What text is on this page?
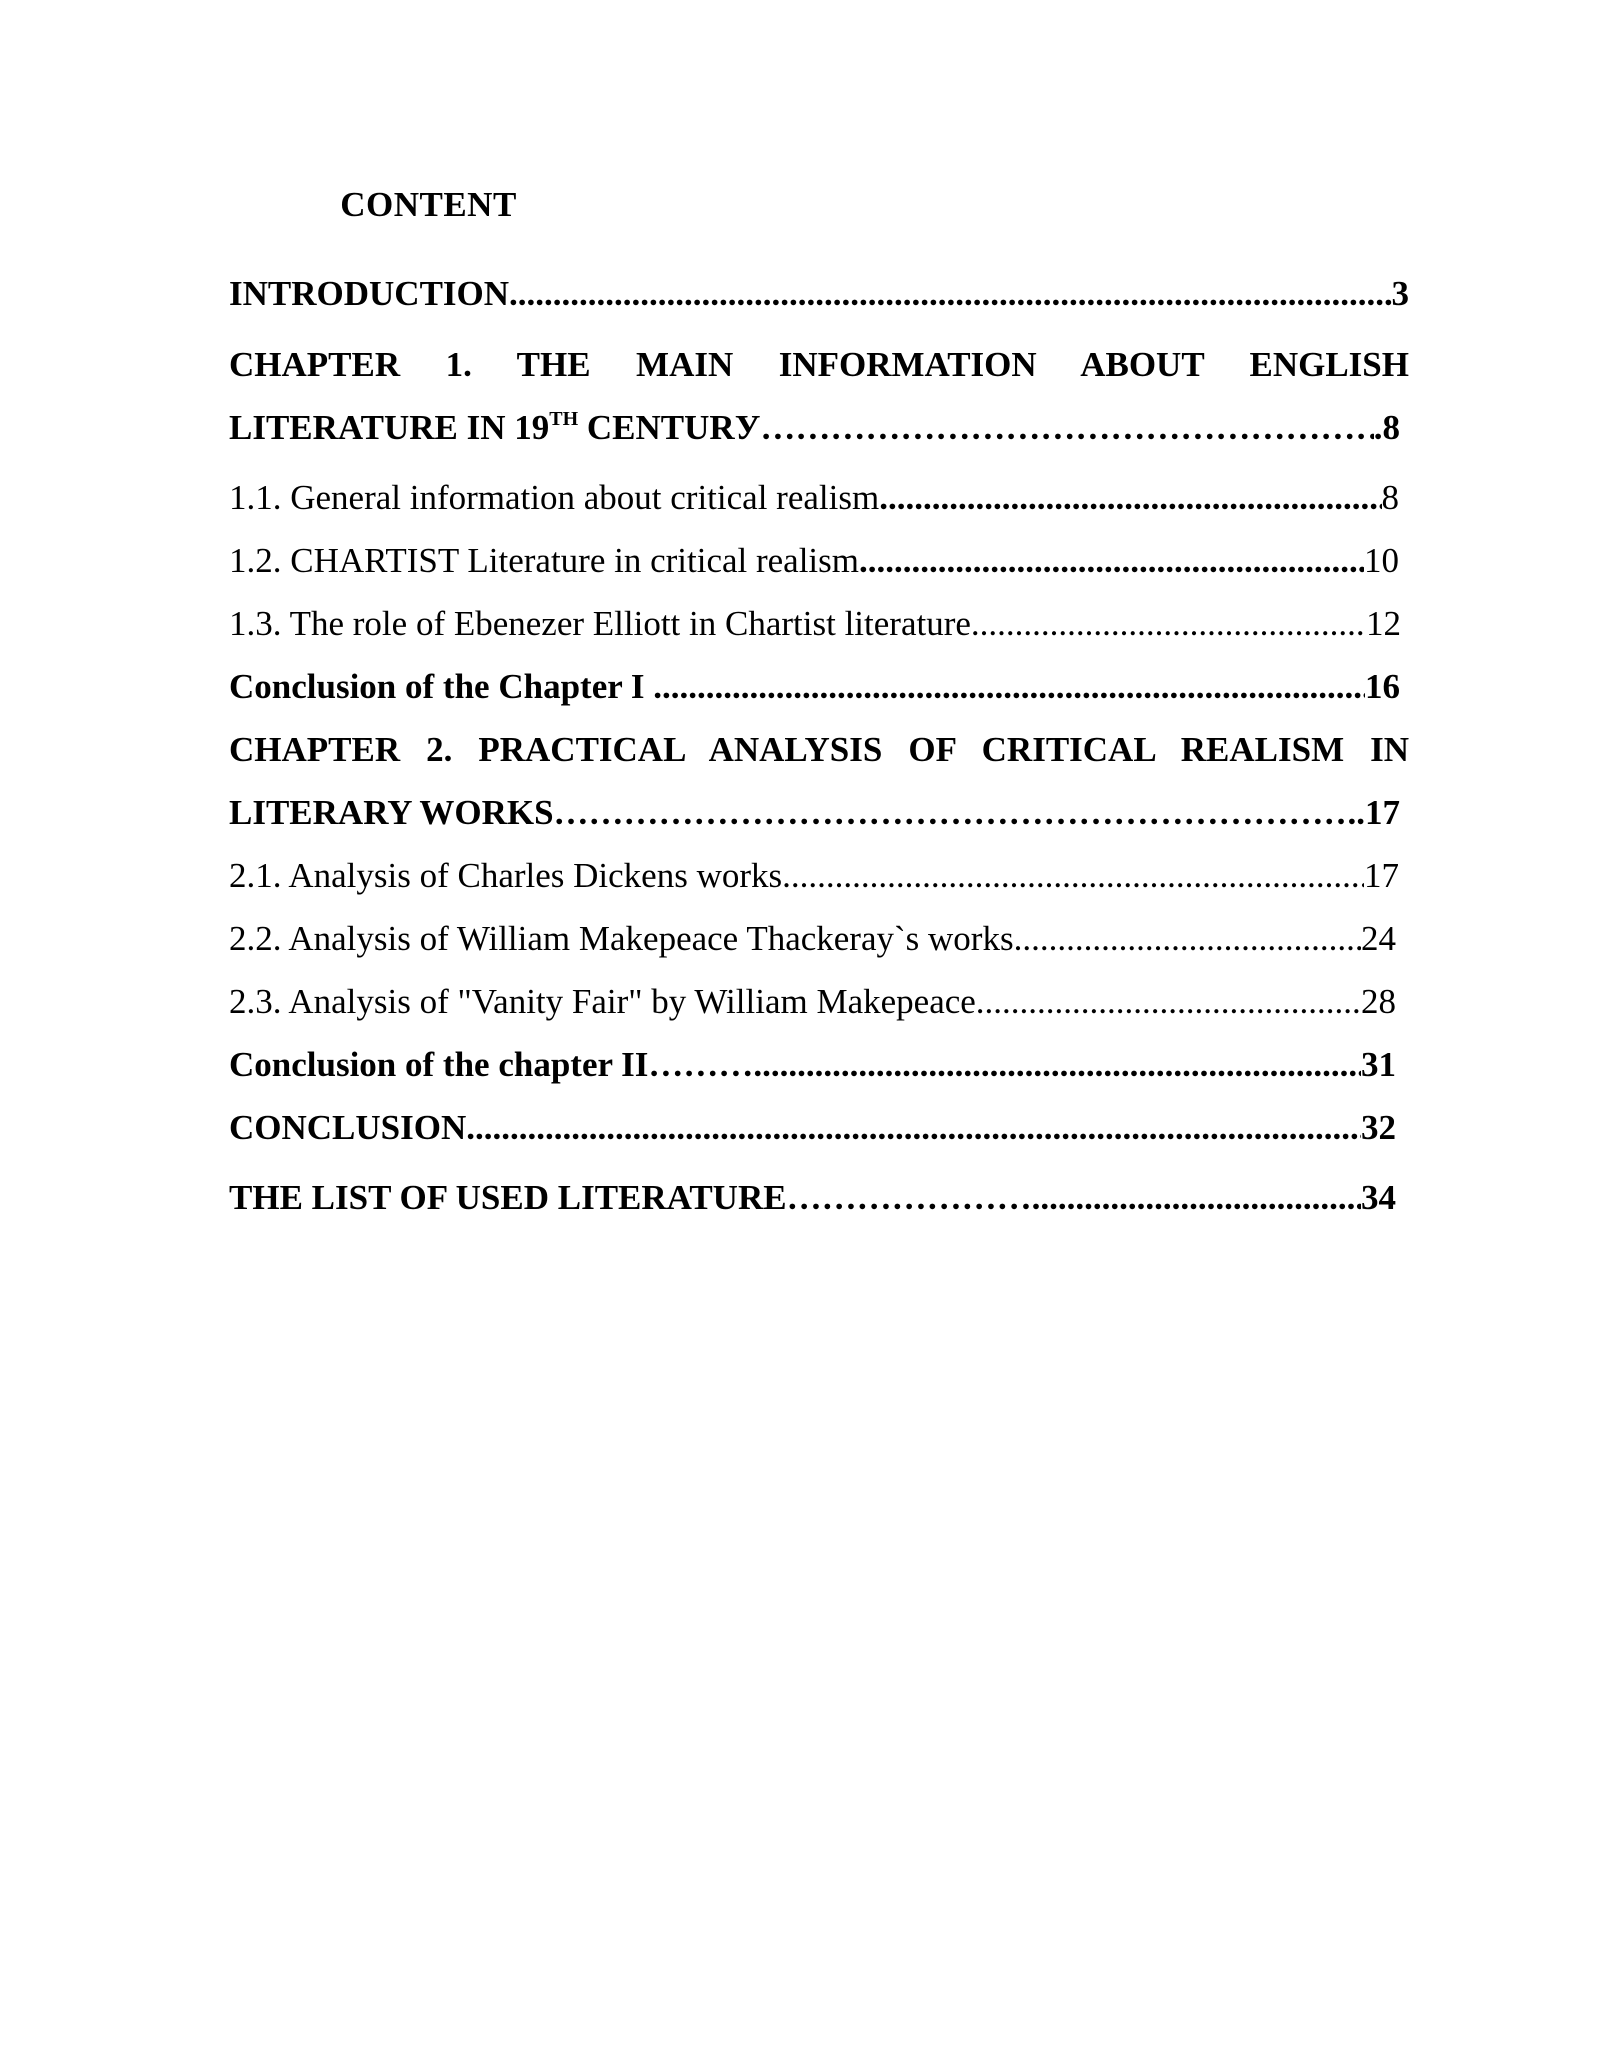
CONTENT
INTRODUCTION .....	3
CHAPTER 1. THE MAIN INFORMATION ABOUT ENGLISH
LITERATURE IN 19TH CENTURУ …………………………………………………………………………………………………………………………………………………………	.8
1.1. General information about critical realism .....	8
1.2. CHARTIST Literature in critical realism .....	10
1.3. The role of Ebenezer Elliott in Chartist literature .....	12
Conclusion of the Chapter I .....	16
CHAPTER 2. PRACTICAL ANALYSIS OF CRITICAL REALISM IN
LITERARY WORKS …………………………………………………………………………………………………………………………………………………………	..17
2.1. Analysis of Charles Dickens works .....	17
2.2. Analysis of William Makepeace Thackeray`s works .....	24
2.3. Analysis of "Vanity Fair" by William Makepeace .....	28
Conclusion of the chapter II……… .....	31
CONCLUSION .....	32
THE LIST OF USED LITERATURE………………… .....	34
